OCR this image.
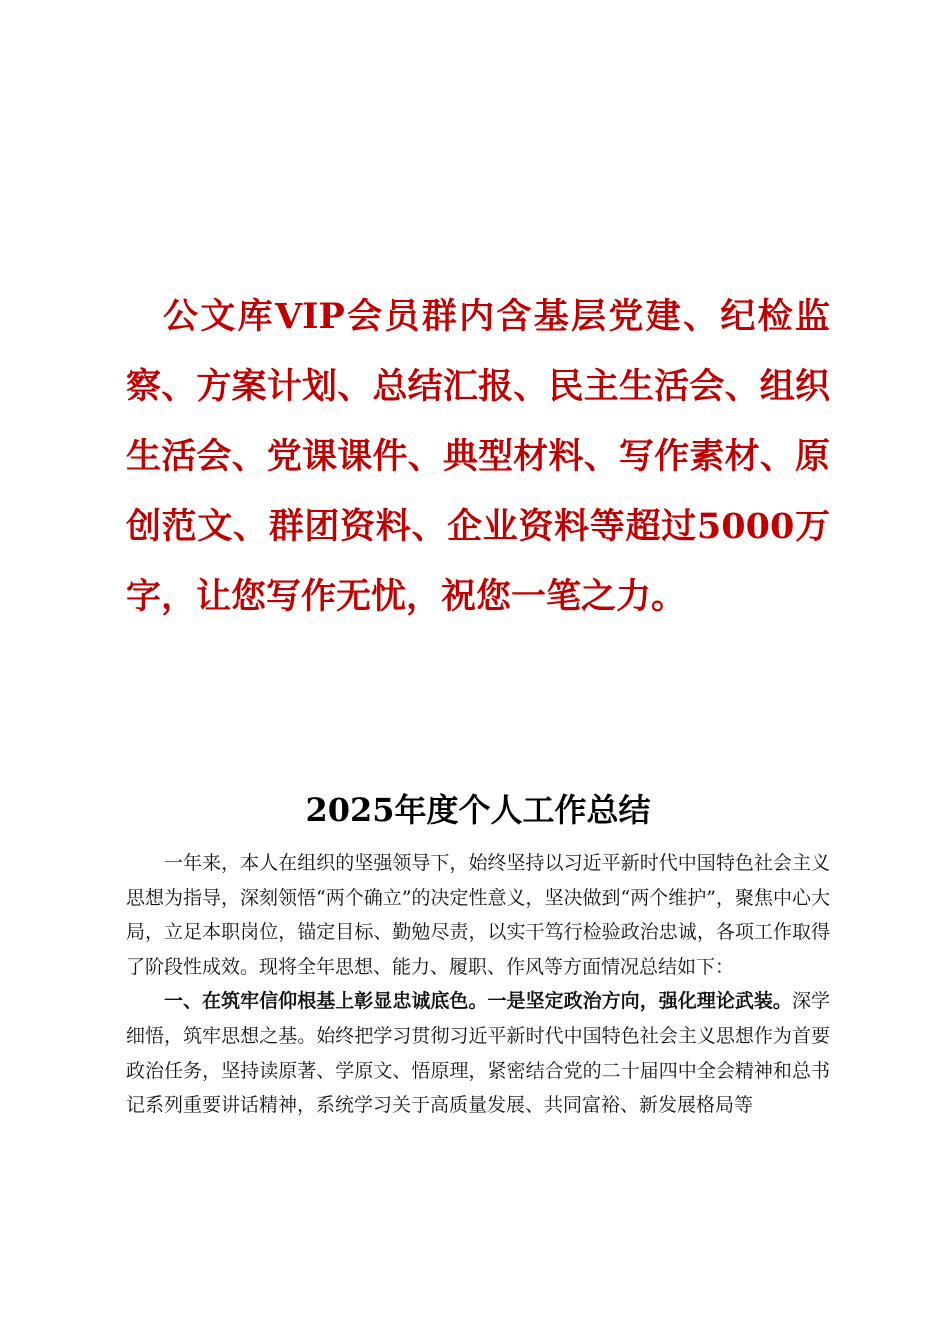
公文库VIP会员群内含基层党建、纪检监察、方案计划、总结汇报、民主生活会、组织生活会、党课课件、典型材料、写作素材、原创范文、群团资料、企业资料等超过5000万字，让您写作无忧，祝您一笔之力。
2025年度个人工作总结

一年来，本人在组织的坚强领导下，始终坚持以习近平新时代中国特色社会主义思想为指导，深刻领悟“两个确立”的决定性意义，坚决做到“两个维护”，聚焦中心大局，立足本职岗位，锚定目标、勤勉尽责，以实干笃行检验政治忠诚，各项工作取得了阶段性成效。现将全年思想、能力、履职、作风等方面情况总结如下：

一、在筑牢信仰根基上彰显忠诚底色。一是坚定政治方向，强化理论武装。深学细悟，筑牢思想之基。始终把学习贯彻习近平新时代中国特色社会主义思想作为首要政治任务，坚持读原著、学原文、悟原理，紧密结合党的二十届四中全会精神和总书记系列重要讲话精神，系统学习关于高质量发展、共同富裕、新发展格局等
